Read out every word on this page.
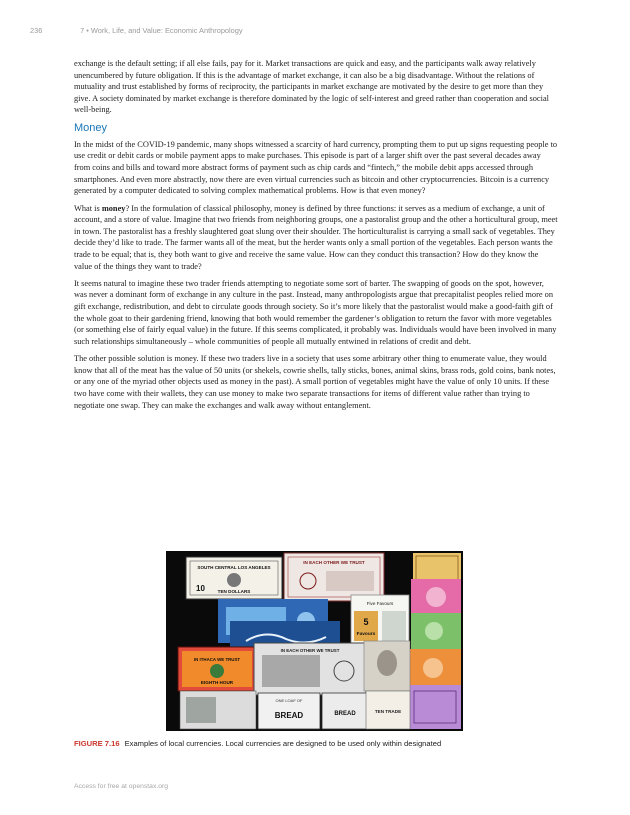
236	7 • Work, Life, and Value: Economic Anthropology

exchange is the default setting; if all else fails, pay for it. Market transactions are quick and easy, and the participants walk away relatively unencumbered by future obligation. If this is the advantage of market exchange, it can also be a big disadvantage. Without the relations of mutuality and trust established by forms of reciprocity, the participants in market exchange are motivated by the desire to get more than they give. A society dominated by market exchange is therefore dominated by the logic of self-interest and greed rather than cooperation and social well-being.

Money

In the midst of the COVID-19 pandemic, many shops witnessed a scarcity of hard currency, prompting them to put up signs requesting people to use credit or debit cards or mobile payment apps to make purchases. This episode is part of a larger shift over the past several decades away from coins and bills and toward more abstract forms of payment such as chip cards and “fintech,” the mobile debit apps accessed through smartphones. And even more abstractly, now there are even virtual currencies such as bitcoin and other cryptocurrencies. Bitcoin is a currency generated by a computer dedicated to solving complex mathematical problems. How is that even money?

What is money? In the formulation of classical philosophy, money is defined by three functions: it serves as a medium of exchange, a unit of account, and a store of value. Imagine that two friends from neighboring groups, one a pastoralist group and the other a horticultural group, meet in town. The pastoralist has a freshly slaughtered goat slung over their shoulder. The horticulturalist is carrying a small sack of vegetables. They decide they’d like to trade. The farmer wants all of the meat, but the herder wants only a small portion of the vegetables. Each person wants the trade to be equal; that is, they both want to give and receive the same value. How can they conduct this transaction? How do they know the value of the things they want to trade?

It seems natural to imagine these two trader friends attempting to negotiate some sort of barter. The swapping of goods on the spot, however, was never a dominant form of exchange in any culture in the past. Instead, many anthropologists argue that precapitalist peoples relied more on gift exchange, redistribution, and debt to circulate goods through society. So it’s more likely that the pastoralist would make a good-faith gift of the whole goat to their gardening friend, knowing that both would remember the gardener’s obligation to return the favor with more vegetables (or something else of fairly equal value) in the future. If this seems complicated, it probably was. Individuals would have been involved in many such relationships simultaneously – whole communities of people all mutually entwined in relations of credit and debt.

The other possible solution is money. If these two traders live in a society that uses some arbitrary other thing to enumerate value, they would know that all of the meat has the value of 50 units (or shekels, cowrie shells, tally sticks, bones, animal skins, brass rods, gold coins, bank notes, or any one of the myriad other objects used as money in the past). A small portion of vegetables might have the value of only 10 units. If these two have come with their wallets, they can use money to make two separate transactions for items of different value rather than trying to negotiate one swap. They can make the exchanges and walk away without entanglement.

SOUTH CENTRAL LOS ANGELES
TEN DOLLARS
10
IN EACH OTHER WE TRUST
Five Favours
5
Favours
IN ITHACA WE TRUST
EIGHTH HOUR
IN EACH OTHER WE TRUST
ONE LOAF OF
BREAD	BREAD	TEN TRADE
FIGURE 7.16 Examples of local currencies. Local currencies are designed to be used only within designated
Access for free at openstax.org
